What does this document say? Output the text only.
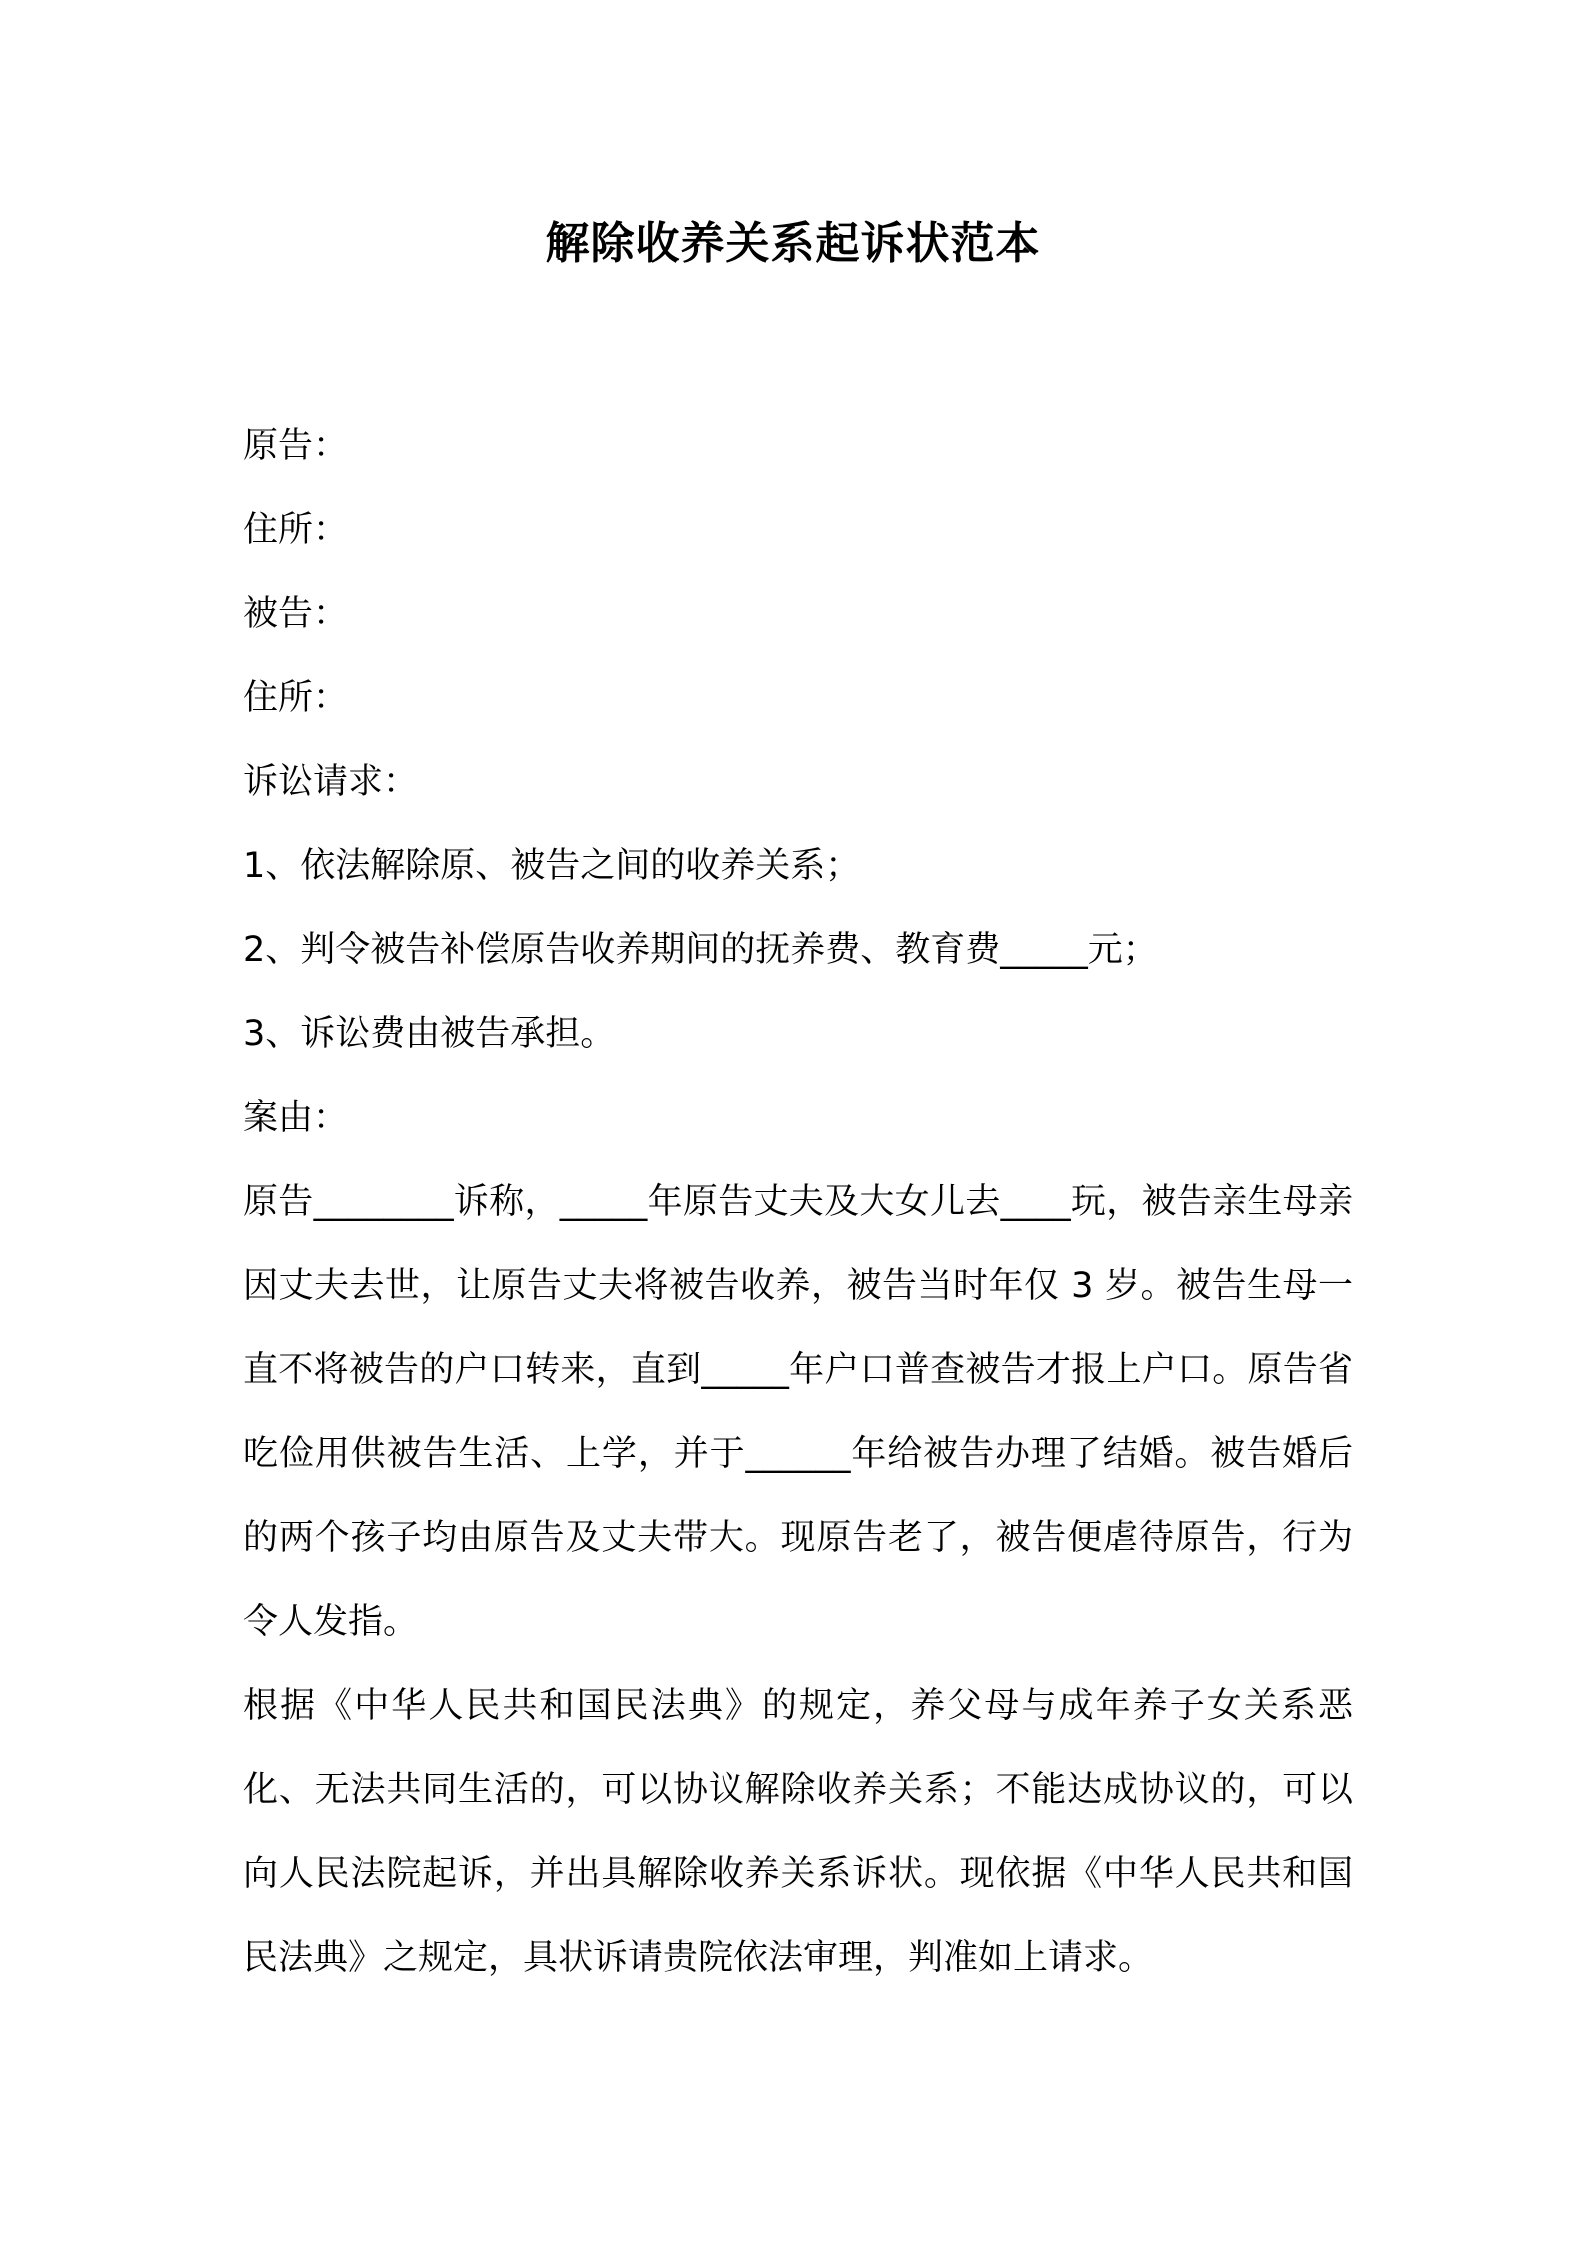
解除收养关系起诉状范本

原告：

住所：

被告：

住所：

诉讼请求：

1、依法解除原、被告之间的收养关系；

2、判令被告补偿原告收养期间的抚养费、教育费_____元；

3、诉讼费由被告承担。

案由：

原告________诉称，_____年原告丈夫及大女儿去____玩，被告亲生母亲因丈夫去世，让原告丈夫将被告收养，被告当时年仅 3 岁。被告生母一直不将被告的户口转来，直到_____年户口普查被告才报上户口。原告省吃俭用供被告生活、上学，并于______年给被告办理了结婚。被告婚后的两个孩子均由原告及丈夫带大。现原告老了，被告便虐待原告，行为令人发指。

根据《中华人民共和国民法典》的规定，养父母与成年养子女关系恶化、无法共同生活的，可以协议解除收养关系；不能达成协议的，可以向人民法院起诉，并出具解除收养关系诉状。现依据《中华人民共和国民法典》之规定，具状诉请贵院依法审理，判准如上请求。
